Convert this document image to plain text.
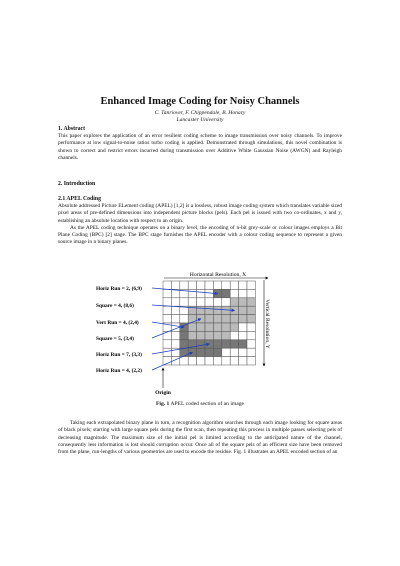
Enhanced Image Coding for Noisy Channels
C. Tanriover, F. Chippendale, B. Honary
Lancaster University

1. Abstract

This paper explores the application of an error resilient coding scheme to image transmission over noisy channels. To improve performance at low signal-to-noise ratios turbo coding is applied. Demonstrated through simulations, this novel combination is shown to correct and restrict errors incurred during transmission over Additive White Gaussian Noise (AWGN) and Rayleigh channels.

2. Introduction

2.1 APEL Coding

Absolute addressed Picture ELement coding (APEL) [1,2] is a lossless, robust image coding system which translates variable sized pixel areas of pre-defined dimensions into independent picture blocks (pels). Each pel is issued with two co-ordinates, x and y, establishing an absolute location with respect to an origin.

As the APEL coding technique operates on a binary level, the encoding of n-bit grey-scale or colour images employs a Bit Plane Coding (BPC) [2] stage. The BPC stage furnishes the APEL encoder with a colour coding sequence to represent a given source image in n binary planes.

Horizontal Resolution, X
Vertical Resolution, Y
Horiz Run = 2, (6,9)
Square = 4, (8,6)
Vert Run = 4, (2,4)
Square = 5, (3,4)
Horiz Run = 7, (3,3)
Horiz Run = 4, (2,2)
Origin
Fig. 1 APEL coded section of an image

Taking each extrapolated binary plane in turn, a recognition algorithm searches through each image looking for square areas of black pixels; starting with large square pels during the first scan, then repeating this process in multiple passes selecting pels of decreasing magnitude. The maximum size of the initial pel is limited according to the anticipated nature of the channel, consequently less information is lost should corruption occur. Once all of the square pels of an efficient size have been removed from the plane, run-lengths of various geometries are used to encode the residue. Fig. 1 illustrates an APEL encoded section of an
